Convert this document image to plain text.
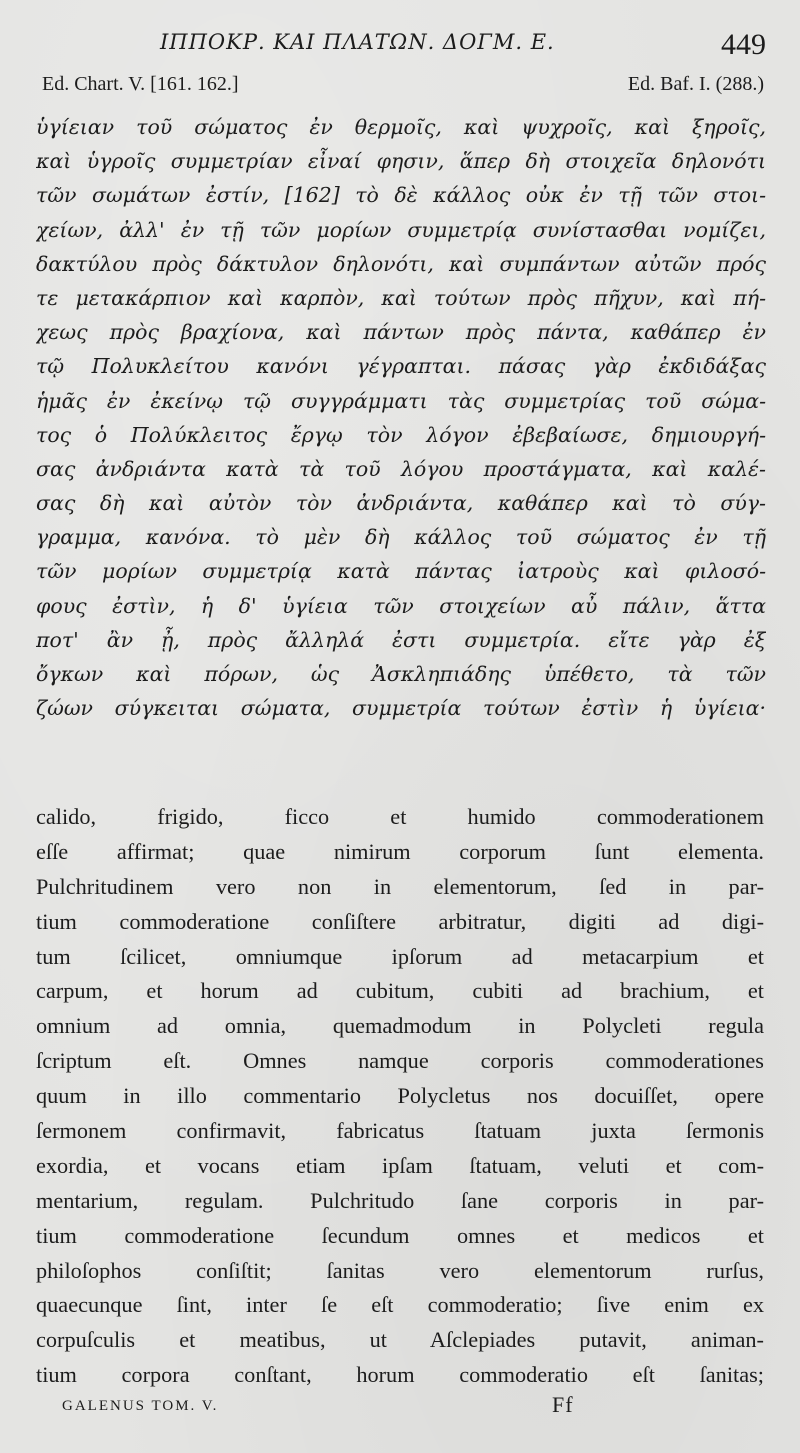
ΙΠΠΟΚΡ. ΚΑΙ ΠΛΑΤΩΝ. ΔΟΓΜ. Ε.	449
Ed. Chart. V. [161. 162.]	Ed. Baf. I. (288.)
ὑγίειαν τοῦ σώματος ἐν θερμοῖς, καὶ ψυχροῖς, καὶ ξηροῖς,
καὶ ὑγροῖς συμμετρίαν εἶναί φησιν, ἅπερ δὴ στοιχεῖα δηλονότι
τῶν σωμάτων ἐστίν, [162] τὸ δὲ κάλλος οὐκ ἐν τῇ τῶν στοι-
χείων, ἀλλ' ἐν τῇ τῶν μορίων συμμετρίᾳ συνίστασθαι νομίζει,
δακτύλου πρὸς δάκτυλον δηλονότι, καὶ συμπάντων αὐτῶν πρός
τε μετακάρπιον καὶ καρπὸν, καὶ τούτων πρὸς πῆχυν, καὶ πή-
χεως πρὸς βραχίονα, καὶ πάντων πρὸς πάντα, καθάπερ ἐν
τῷ Πολυκλείτου κανόνι γέγραπται. πάσας γὰρ ἐκδιδάξας
ἡμᾶς ἐν ἐκείνῳ τῷ συγγράμματι τὰς συμμετρίας τοῦ σώμα-
τος ὁ Πολύκλειτος ἔργῳ τὸν λόγον ἐβεβαίωσε, δημιουργή-
σας ἀνδριάντα κατὰ τὰ τοῦ λόγου προστάγματα, καὶ καλέ-
σας δὴ καὶ αὐτὸν τὸν ἀνδριάντα, καθάπερ καὶ τὸ σύγ-
γραμμα, κανόνα. τὸ μὲν δὴ κάλλος τοῦ σώματος ἐν τῇ
τῶν μορίων συμμετρίᾳ κατὰ πάντας ἰατροὺς καὶ φιλοσό-
φους ἐστὶν, ἡ δ' ὑγίεια τῶν στοιχείων αὖ πάλιν, ἅττα
ποτ' ἂν ᾖ, πρὸς ἄλληλά ἐστι συμμετρία. εἴτε γὰρ ἐξ
ὄγκων καὶ πόρων, ὡς Ἀσκληπιάδης ὑπέθετο, τὰ τῶν
ζώων σύγκειται σώματα, συμμετρία τούτων ἐστὶν ἡ ὑγίεια·
calido, frigido, ficco et humido commoderationem
eſſe affirmat; quae nimirum corporum ſunt elementa.
Pulchritudinem vero non in elementorum, ſed in par-
tium commoderatione conſiſtere arbitratur, digiti ad digi-
tum ſcilicet, omniumque ipſorum ad metacarpium et
carpum, et horum ad cubitum, cubiti ad brachium, et
omnium ad omnia, quemadmodum in Polycleti regula
ſcriptum eſt. Omnes namque corporis commoderationes
quum in illo commentario Polycletus nos docuiſſet, opere
ſermonem confirmavit, fabricatus ſtatuam juxta ſermonis
exordia, et vocans etiam ipſam ſtatuam, veluti et com-
mentarium, regulam. Pulchritudo ſane corporis in par-
tium commoderatione ſecundum omnes et medicos et
philoſophos conſiſtit; ſanitas vero elementorum rurſus,
quaecunque ſint, inter ſe eſt commoderatio; ſive enim ex
corpuſculis et meatibus, ut Aſclepiades putavit, animan-
tium corpora conſtant, horum commoderatio eſt ſanitas;
GALENUS TOM. V.	Ff
